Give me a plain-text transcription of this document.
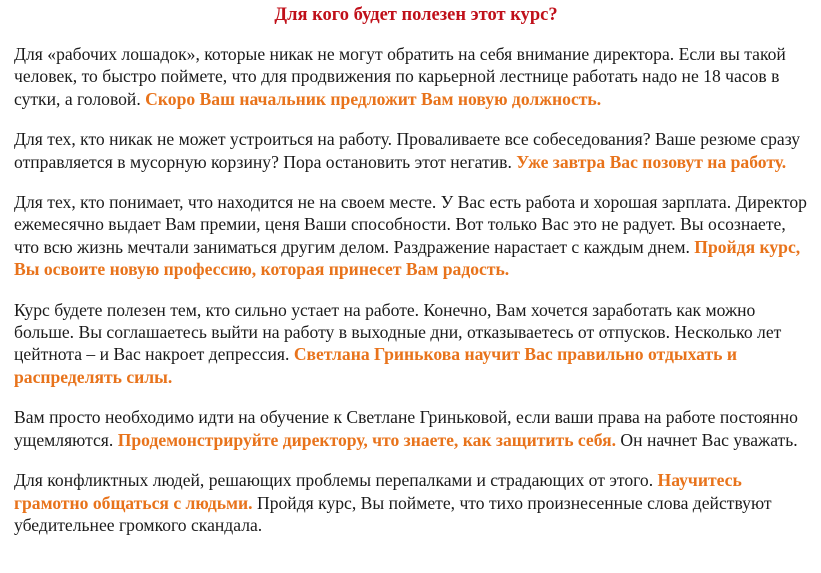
Для кого будет полезен этот курс?

Для «рабочих лошадок», которые никак не могут обратить на себя внимание директора. Если вы такой человек, то быстро поймете, что для продвижения по карьерной лестнице работать надо не 18 часов в сутки, а головой. Скоро Ваш начальник предложит Вам новую должность.

Для тех, кто никак не может устроиться на работу. Проваливаете все собеседования? Ваше резюме сразу отправляется в мусорную корзину? Пора остановить этот негатив. Уже завтра Вас позовут на работу.

Для тех, кто понимает, что находится не на своем месте. У Вас есть работа и хорошая зарплата. Директор ежемесячно выдает Вам премии, ценя Ваши способности. Вот только Вас это не радует. Вы осознаете, что всю жизнь мечтали заниматься другим делом. Раздражение нарастает с каждым днем. Пройдя курс, Вы освоите новую профессию, которая принесет Вам радость.

Курс будете полезен тем, кто сильно устает на работе. Конечно, Вам хочется заработать как можно больше. Вы соглашаетесь выйти на работу в выходные дни, отказываетесь от отпусков. Несколько лет цейтнота – и Вас накроет депрессия. Светлана Гринькова научит Вас правильно отдыхать и распределять силы.

Вам просто необходимо идти на обучение к Светлане Гриньковой, если ваши права на работе постоянно ущемляются. Продемонстрируйте директору, что знаете, как защитить себя. Он начнет Вас уважать.

Для конфликтных людей, решающих проблемы перепалками и страдающих от этого. Научитесь грамотно общаться с людьми. Пройдя курс, Вы поймете, что тихо произнесенные слова действуют убедительнее громкого скандала.
